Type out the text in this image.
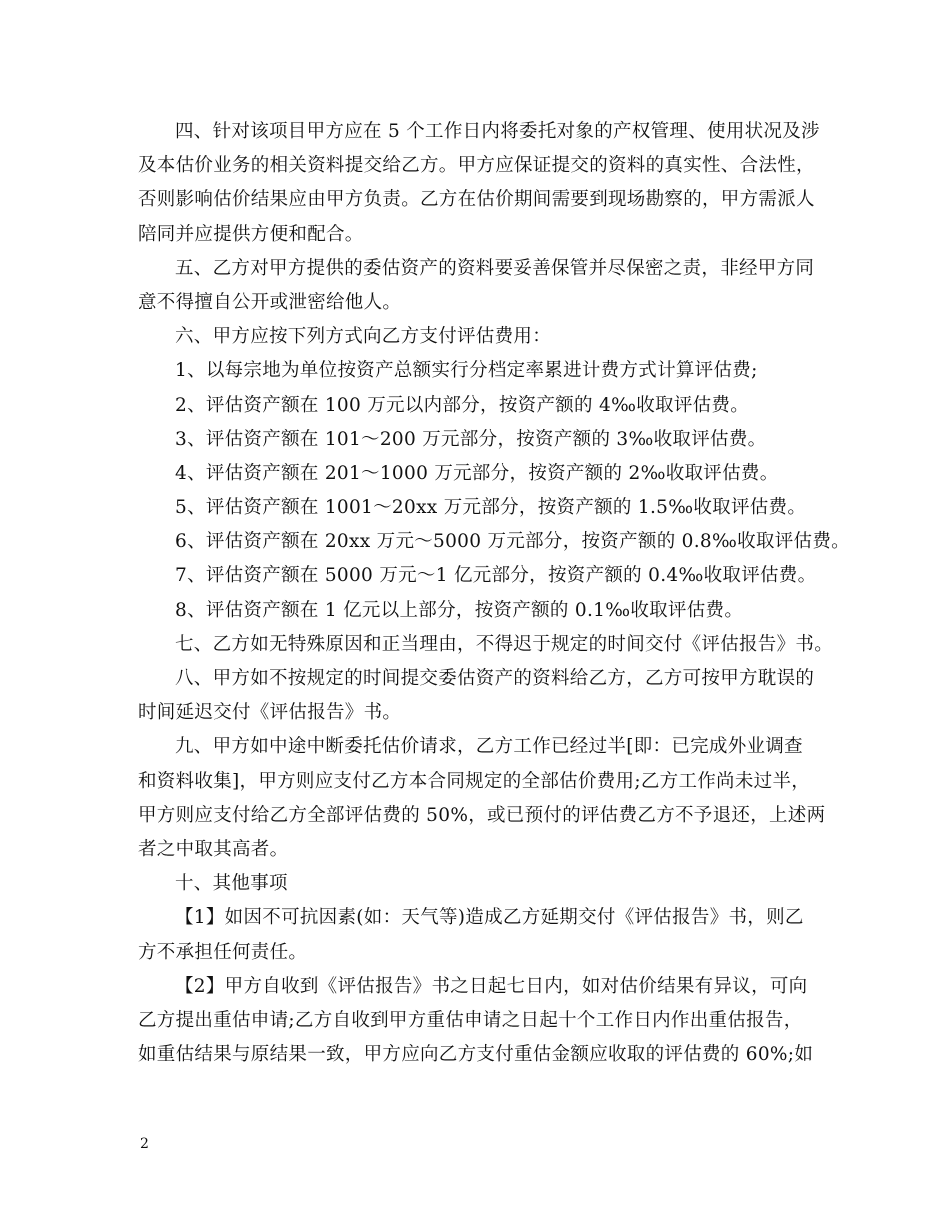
四、针对该项目甲方应在 5 个工作日内将委托对象的产权管理、使用状况及涉
及本估价业务的相关资料提交给乙方。甲方应保证提交的资料的真实性、合法性，
否则影响估价结果应由甲方负责。乙方在估价期间需要到现场勘察的，甲方需派人
陪同并应提供方便和配合。
五、乙方对甲方提供的委估资产的资料要妥善保管并尽保密之责，非经甲方同
意不得擅自公开或泄密给他人。
六、甲方应按下列方式向乙方支付评估费用：
1、以每宗地为单位按资产总额实行分档定率累进计费方式计算评估费;
2、评估资产额在 100 万元以内部分，按资产额的 4‰收取评估费。
3、评估资产额在 101～200 万元部分，按资产额的 3‰收取评估费。
4、评估资产额在 201～1000 万元部分，按资产额的 2‰收取评估费。
5、评估资产额在 1001～20xx 万元部分，按资产额的 1.5‰收取评估费。
6、评估资产额在 20xx 万元～5000 万元部分，按资产额的 0.8‰收取评估费。
7、评估资产额在 5000 万元～1 亿元部分，按资产额的 0.4‰收取评估费。
8、评估资产额在 1 亿元以上部分，按资产额的 0.1‰收取评估费。
七、乙方如无特殊原因和正当理由，不得迟于规定的时间交付《评估报告》书。
八、甲方如不按规定的时间提交委估资产的资料给乙方，乙方可按甲方耽误的
时间延迟交付《评估报告》书。
九、甲方如中途中断委托估价请求，乙方工作已经过半[即：已完成外业调查
和资料收集]，甲方则应支付乙方本合同规定的全部估价费用;乙方工作尚未过半，
甲方则应支付给乙方全部评估费的 50%，或已预付的评估费乙方不予退还，上述两
者之中取其高者。
十、其他事项
【1】如因不可抗因素(如：天气等)造成乙方延期交付《评估报告》书，则乙
方不承担任何责任。
【2】甲方自收到《评估报告》书之日起七日内，如对估价结果有异议，可向
乙方提出重估申请;乙方自收到甲方重估申请之日起十个工作日内作出重估报告，
如重估结果与原结果一致，甲方应向乙方支付重估金额应收取的评估费的 60%;如
2
